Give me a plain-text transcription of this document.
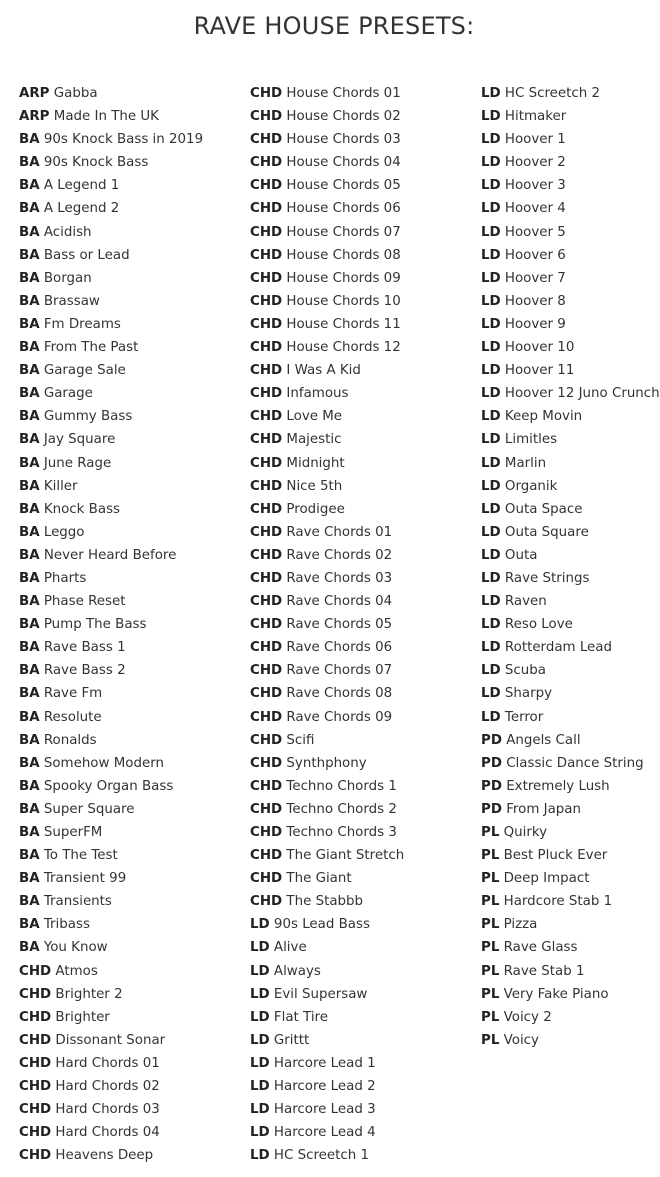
RAVE HOUSE PRESETS:
ARP Gabba
ARP Made In The UK
BA 90s Knock Bass in 2019
BA 90s Knock Bass
BA A Legend 1
BA A Legend 2
BA Acidish
BA Bass or Lead
BA Borgan
BA Brassaw
BA Fm Dreams
BA From The Past
BA Garage Sale
BA Garage
BA Gummy Bass
BA Jay Square
BA June Rage
BA Killer
BA Knock Bass
BA Leggo
BA Never Heard Before
BA Pharts
BA Phase Reset
BA Pump The Bass
BA Rave Bass 1
BA Rave Bass 2
BA Rave Fm
BA Resolute
BA Ronalds
BA Somehow Modern
BA Spooky Organ Bass
BA Super Square
BA SuperFM
BA To The Test
BA Transient 99
BA Transients
BA Tribass
BA You Know
CHD Atmos
CHD Brighter 2
CHD Brighter
CHD Dissonant Sonar
CHD Hard Chords 01
CHD Hard Chords 02
CHD Hard Chords 03
CHD Hard Chords 04
CHD Heavens Deep
CHD House Chords 01
CHD House Chords 02
CHD House Chords 03
CHD House Chords 04
CHD House Chords 05
CHD House Chords 06
CHD House Chords 07
CHD House Chords 08
CHD House Chords 09
CHD House Chords 10
CHD House Chords 11
CHD House Chords 12
CHD I Was A Kid
CHD Infamous
CHD Love Me
CHD Majestic
CHD Midnight
CHD Nice 5th
CHD Prodigee
CHD Rave Chords 01
CHD Rave Chords 02
CHD Rave Chords 03
CHD Rave Chords 04
CHD Rave Chords 05
CHD Rave Chords 06
CHD Rave Chords 07
CHD Rave Chords 08
CHD Rave Chords 09
CHD Scifi
CHD Synthphony
CHD Techno Chords 1
CHD Techno Chords 2
CHD Techno Chords 3
CHD The Giant Stretch
CHD The Giant
CHD The Stabbb
LD 90s Lead Bass
LD Alive
LD Always
LD Evil Supersaw
LD Flat Tire
LD Grittt
LD Harcore Lead 1
LD Harcore Lead 2
LD Harcore Lead 3
LD Harcore Lead 4
LD HC Screetch 1
LD HC Screetch 2
LD Hitmaker
LD Hoover 1
LD Hoover 2
LD Hoover 3
LD Hoover 4
LD Hoover 5
LD Hoover 6
LD Hoover 7
LD Hoover 8
LD Hoover 9
LD Hoover 10
LD Hoover 11
LD Hoover 12 Juno Crunch
LD Keep Movin
LD Limitles
LD Marlin
LD Organik
LD Outa Space
LD Outa Square
LD Outa
LD Rave Strings
LD Raven
LD Reso Love
LD Rotterdam Lead
LD Scuba
LD Sharpy
LD Terror
PD Angels Call
PD Classic Dance String
PD Extremely Lush
PD From Japan
PL Quirky
PL Best Pluck Ever
PL Deep Impact
PL Hardcore Stab 1
PL Pizza
PL Rave Glass
PL Rave Stab 1
PL Very Fake Piano
PL Voicy 2
PL Voicy
